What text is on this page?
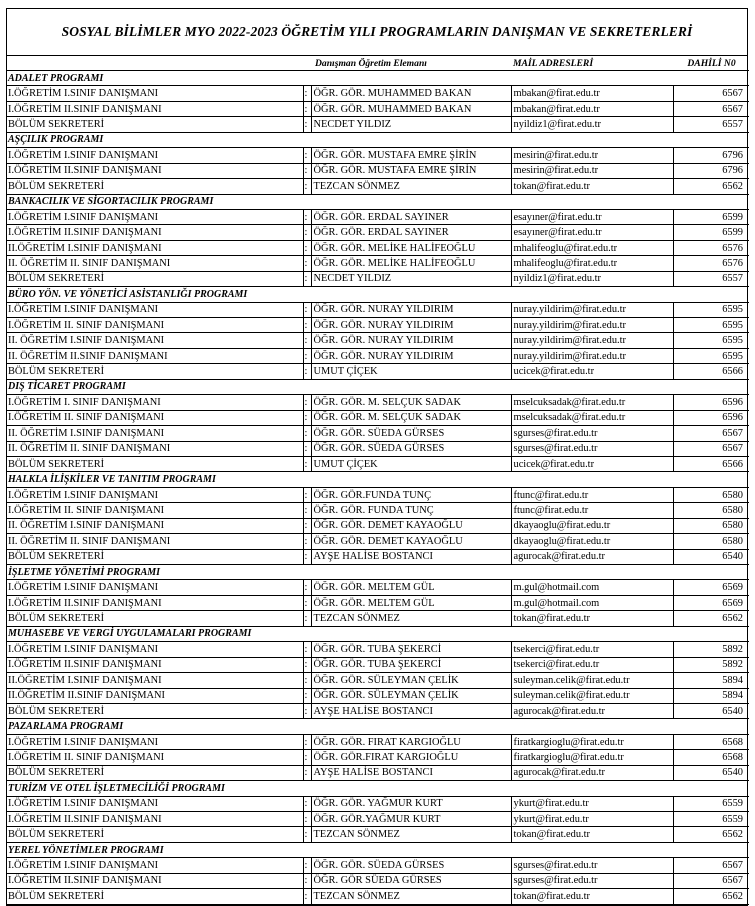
SOSYAL BİLİMLER MYO 2022-2023 ÖĞRETİM YILI PROGRAMLARIN DANIŞMAN VE SEKRETERLERİ
		Danışman Öğretim Elemanı	MAİL ADRESLERİ	DAHİLİ N0
ADALET PROGRAMI				
I.ÖĞRETİM I.SINIF DANIŞMANI	:	ÖĞR. GÖR. MUHAMMED BAKAN	mbakan@firat.edu.tr	6567
I.ÖĞRETİM II.SINIF DANIŞMANI	:	ÖĞR. GÖR. MUHAMMED BAKAN	mbakan@firat.edu.tr	6567
BÖLÜM SEKRETERİ	:	NECDET YILDIZ	nyildiz1@firat.edu.tr	6557
AŞÇILIK PROGRAMI				
I.ÖĞRETİM I.SINIF DANIŞMANI	:	ÖĞR. GÖR. MUSTAFA EMRE ŞİRİN	mesirin@firat.edu.tr	6796
I.ÖĞRETİM II.SINIF DANIŞMANI	:	ÖĞR. GÖR. MUSTAFA EMRE ŞİRİN	mesirin@firat.edu.tr	6796
BÖLÜM SEKRETERİ	:	TEZCAN SÖNMEZ	tokan@firat.edu.tr	6562
BANKACILIK VE SİGORTACILIK PROGRAMI				
I.ÖĞRETİM I.SINIF DANIŞMANI	:	ÖĞR. GÖR. ERDAL SAYINER	esayıner@firat.edu.tr	6599
I.ÖĞRETİM II.SINIF DANIŞMANI	:	ÖĞR. GÖR. ERDAL SAYINER	esayıner@firat.edu.tr	6599
II.ÖĞRETİM I.SINIF DANIŞMANI	:	ÖĞR. GÖR. MELİKE HALİFEOĞLU	mhalifeoglu@firat.edu.tr	6576
II. ÖĞRETİM II. SINIF DANIŞMANI	:	ÖĞR. GÖR. MELİKE HALİFEOĞLU	mhalifeoglu@firat.edu.tr	6576
BÖLÜM SEKRETERİ	:	NECDET YILDIZ	nyildiz1@firat.edu.tr	6557
BÜRO YÖN. VE YÖNETİCİ ASİSTANLIĞI PROGRAMI				
I.ÖĞRETİM I.SINIF DANIŞMANI	:	ÖĞR. GÖR. NURAY YILDIRIM	nuray.yildirim@firat.edu.tr	6595
I.ÖĞRETİM II. SINIF DANIŞMANI	:	ÖĞR. GÖR. NURAY YILDIRIM	nuray.yildirim@firat.edu.tr	6595
II. ÖĞRETİM I.SINIF DANIŞMANI	:	ÖĞR. GÖR. NURAY YILDIRIM	nuray.yildirim@firat.edu.tr	6595
II. ÖĞRETİM II.SINIF DANIŞMANI	:	ÖĞR. GÖR. NURAY YILDIRIM	nuray.yildirim@firat.edu.tr	6595
BÖLÜM SEKRETERİ	:	UMUT ÇİÇEK	ucicek@firat.edu.tr	6566
DIŞ TİCARET PROGRAMI				
I.ÖĞRETİM I. SINIF DANIŞMANI	:	ÖĞR. GÖR. M. SELÇUK SADAK	mselcuksadak@firat.edu.tr	6596
I.ÖĞRETİM II. SINIF DANIŞMANI	:	ÖĞR. GÖR. M. SELÇUK SADAK	mselcuksadak@firat.edu.tr	6596
II. ÖĞRETİM I.SINIF DANIŞMANI	:	ÖĞR. GÖR. SÜEDA GÜRSES	sgurses@firat.edu.tr	6567
II. ÖĞRETİM II. SINIF DANIŞMANI	:	ÖĞR. GÖR. SÜEDA GÜRSES	sgurses@firat.edu.tr	6567
BÖLÜM SEKRETERİ	:	UMUT ÇİÇEK	ucicek@firat.edu.tr	6566
HALKLA İLİŞKİLER VE TANITIM PROGRAMI				
I.ÖĞRETİM I.SINIF DANIŞMANI	:	ÖĞR. GÖR.FUNDA TUNÇ	ftunc@firat.edu.tr	6580
I.ÖĞRETİM II. SINIF DANIŞMANI	:	ÖĞR. GÖR. FUNDA TUNÇ	ftunc@firat.edu.tr	6580
II. ÖĞRETİM I.SINIF DANIŞMANI	:	ÖĞR. GÖR. DEMET KAYAOĞLU	dkayaoglu@firat.edu.tr	6580
II. ÖĞRETİM II. SINIF DANIŞMANI	:	ÖĞR. GÖR. DEMET KAYAOĞLU	dkayaoglu@firat.edu.tr	6580
BÖLÜM SEKRETERİ	:	AYŞE HALİSE BOSTANCI	agurocak@firat.edu.tr	6540
İŞLETME YÖNETİMİ PROGRAMI				
I.ÖĞRETİM I.SINIF DANIŞMANI	:	ÖĞR. GÖR. MELTEM GÜL	m.gul@hotmail.com	6569
I.ÖĞRETİM II.SINIF DANIŞMANI	:	ÖĞR. GÖR. MELTEM GÜL	m.gul@hotmail.com	6569
BÖLÜM SEKRETERİ	:	TEZCAN SÖNMEZ	tokan@firat.edu.tr	6562
MUHASEBE VE VERGİ UYGULAMALARI PROGRAMI				
I.ÖĞRETİM I.SINIF DANIŞMANI	:	ÖĞR. GÖR. TUBA ŞEKERCİ	tsekerci@firat.edu.tr	5892
I.ÖĞRETİM II.SINIF DANIŞMANI	:	ÖĞR. GÖR. TUBA ŞEKERCİ	tsekerci@firat.edu.tr	5892
II.ÖĞRETİM I.SINIF DANIŞMANI	:	ÖĞR. GÖR. SÜLEYMAN ÇELİK	suleyman.celik@firat.edu.tr	5894
II.ÖĞRETİM II.SINIF DANIŞMANI	:	ÖĞR. GÖR. SÜLEYMAN ÇELİK	suleyman.celik@firat.edu.tr	5894
BÖLÜM SEKRETERİ	:	AYŞE HALİSE BOSTANCI	agurocak@firat.edu.tr	6540
PAZARLAMA PROGRAMI				
I.ÖĞRETİM I.SINIF DANIŞMANI	:	ÖĞR. GÖR. FIRAT KARGIOĞLU	firatkargioglu@firat.edu.tr	6568
I.ÖĞRETİM II. SINIF DANIŞMANI	:	ÖĞR. GÖR.FIRAT KARGIOĞLU	firatkargioglu@firat.edu.tr	6568
BÖLÜM SEKRETERİ	:	AYŞE HALİSE BOSTANCI	agurocak@firat.edu.tr	6540
TURİZM VE OTEL İŞLETMECİLİĞİ PROGRAMI				
I.ÖĞRETİM I.SINIF DANIŞMANI	:	ÖĞR. GÖR. YAĞMUR KURT	ykurt@firat.edu.tr	6559
I.ÖĞRETİM II.SINIF DANIŞMANI	:	ÖĞR. GÖR.YAĞMUR KURT	ykurt@firat.edu.tr	6559
BÖLÜM SEKRETERİ	:	TEZCAN SÖNMEZ	tokan@firat.edu.tr	6562
YEREL YÖNETİMLER PROGRAMI				
I.ÖĞRETİM I.SINIF DANIŞMANI	:	ÖĞR. GÖR. SÜEDA GÜRSES	sgurses@firat.edu.tr	6567
I.ÖĞRETİM II.SINIF DANIŞMANI	:	ÖĞR. GÖR SÜEDA GÜRSES	sgurses@firat.edu.tr	6567
BÖLÜM SEKRETERİ	:	TEZCAN SÖNMEZ	tokan@firat.edu.tr	6562
